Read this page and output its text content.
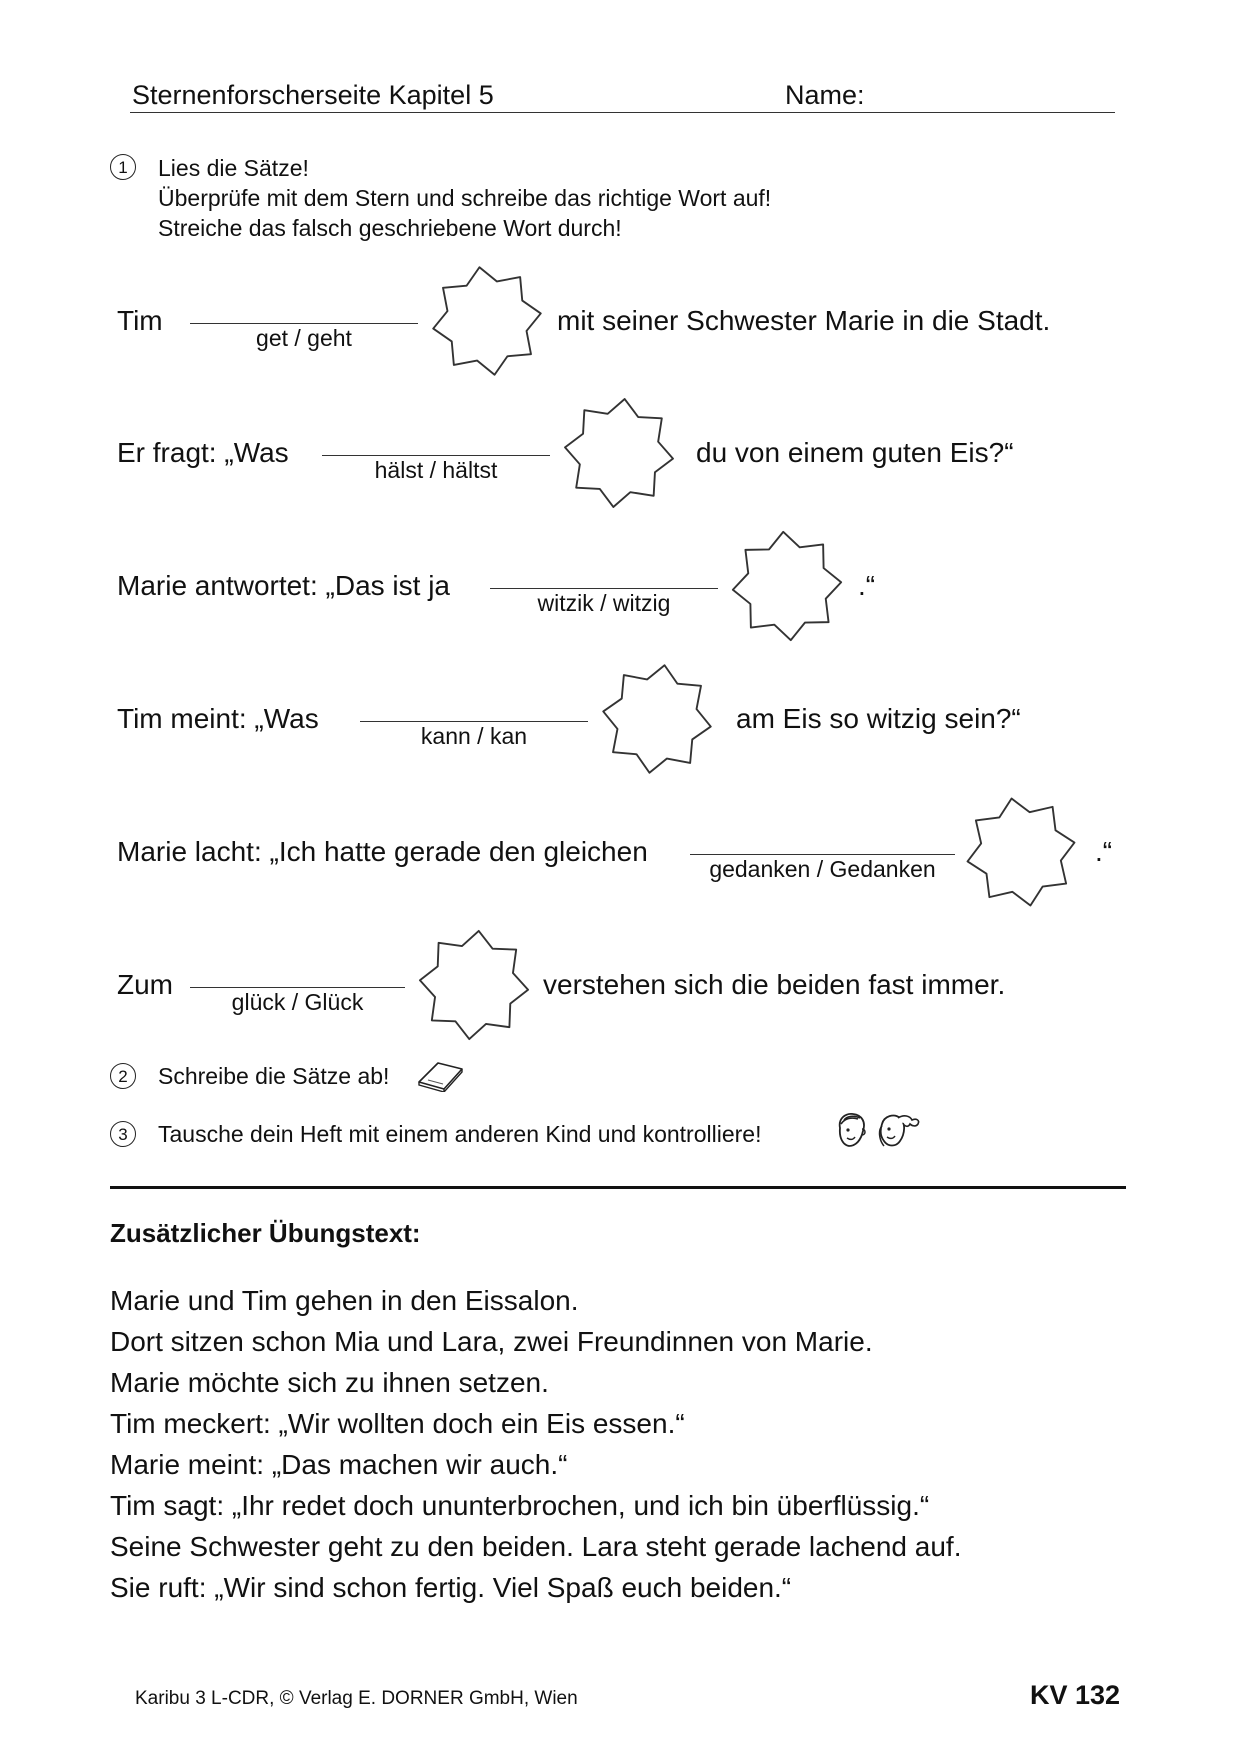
Sternenforscherseite Kapitel 5	Name:
1	Lies die Sätze!
Überprüfe mit dem Stern und schreibe das richtige Wort auf!
Streiche das falsch geschriebene Wort durch!
Tim
get / geht
mit seiner Schwester Marie in die Stadt.
Er fragt: „Was
hälst / hältst
du von einem guten Eis?“
Marie antwortet: „Das ist ja
witzik / witzig
.“
Tim meint: „Was
kann / kan
am Eis so witzig sein?“
Marie lacht: „Ich hatte gerade den gleichen
gedanken / Gedanken
.“
Zum
glück / Glück
verstehen sich die beiden fast immer.
2	Schreibe die Sätze ab!
3	Tausche dein Heft mit einem anderen Kind und kontrolliere!
Zusätzlicher Übungstext:
Marie und Tim gehen in den Eissalon.
Dort sitzen schon Mia und Lara, zwei Freundinnen von Marie.
Marie möchte sich zu ihnen setzen.
Tim meckert: „Wir wollten doch ein Eis essen.“
Marie meint: „Das machen wir auch.“
Tim sagt: „Ihr redet doch ununterbrochen, und ich bin überflüssig.“
Seine Schwester geht zu den beiden. Lara steht gerade lachend auf.
Sie ruft: „Wir sind schon fertig. Viel Spaß euch beiden.“
Karibu 3 L-CDR, © Verlag E. DORNER GmbH, Wien	KV 132
